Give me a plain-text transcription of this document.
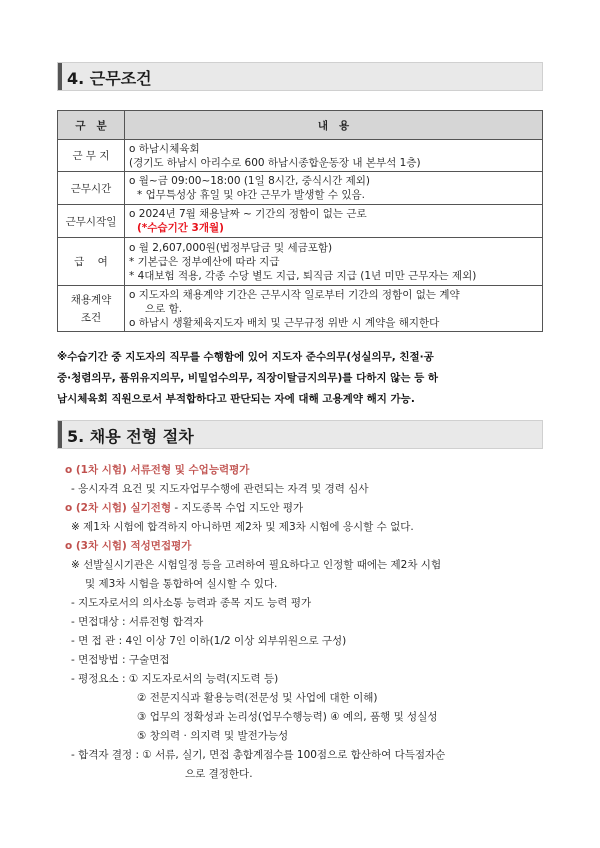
4. 근무조건
구   분	내   용
근 무 지	o 하남시체육회
(경기도 하남시 아리수로 600 하남시종합운동장 내 본부석 1층)

근무시간	o 월~금 09:00~18:00 (1일 8시간, 중식시간 제외)
* 업무특성상 휴일 및 야간 근무가 발생할 수 있음.

근무시작일	o 2024년 7월 채용날짜 ~ 기간의 정함이 없는 근로
(*수습기간 3개월)

급    여	o 월 2,607,000원(법정부담금 및 세금포함)
* 기본급은 정부예산에 따라 지급
* 4대보험 적용, 각종 수당 별도 지급, 퇴직금 지급 (1년 미만 근무자는 제외)

채용계약
조건	o 지도자의 채용계약 기간은 근무시작 일로부터 기간의 정함이 없는 계약
으로 함.
o 하남시 생활체육지도자 배치 및 근무규정 위반 시 계약을 해지한다
※수습기간 중 지도자의 직무를 수행함에 있어 지도자 준수의무(성실의무, 친절·공
중·청렴의무, 품위유지의무, 비밀엄수의무, 직장이탈금지의무)를 다하지 않는 등 하
남시체육회 직원으로서 부적합하다고 판단되는 자에 대해 고용계약 해지 가능.
5. 채용 전형 절차
o (1차 시험) 서류전형 및 수업능력평가
- 응시자격 요건 및 지도자업무수행에 관련되는 자격 및 경력 심사
o (2차 시험) 실기전형 - 지도종목 수업 지도안 평가
※ 제1차 시험에 합격하지 아니하면 제2차 및 제3차 시험에 응시할 수 없다.
o (3차 시험) 적성면접평가
※ 선발실시기관은 시험일정 등을 고려하여 필요하다고 인정할 때에는 제2차 시험
및 제3차 시험을 통합하여 실시할 수 있다.
- 지도자로서의 의사소통 능력과 종목 지도 능력 평가
- 면접대상 : 서류전형 합격자
- 면 접 관 : 4인 이상 7인 이하(1/2 이상 외부위원으로 구성)
- 면접방법 : 구술면접
- 평정요소 : ① 지도자로서의 능력(지도력 등)
② 전문지식과 활용능력(전문성 및 사업에 대한 이해)
③ 업무의 정확성과 논리성(업무수행능력) ④ 예의, 품행 및 성실성
⑤ 창의력 · 의지력 및 발전가능성
- 합격자 결정 : ① 서류, 실기, 면접 총합계점수를 100점으로 합산하여 다득점자순
으로 결정한다.
